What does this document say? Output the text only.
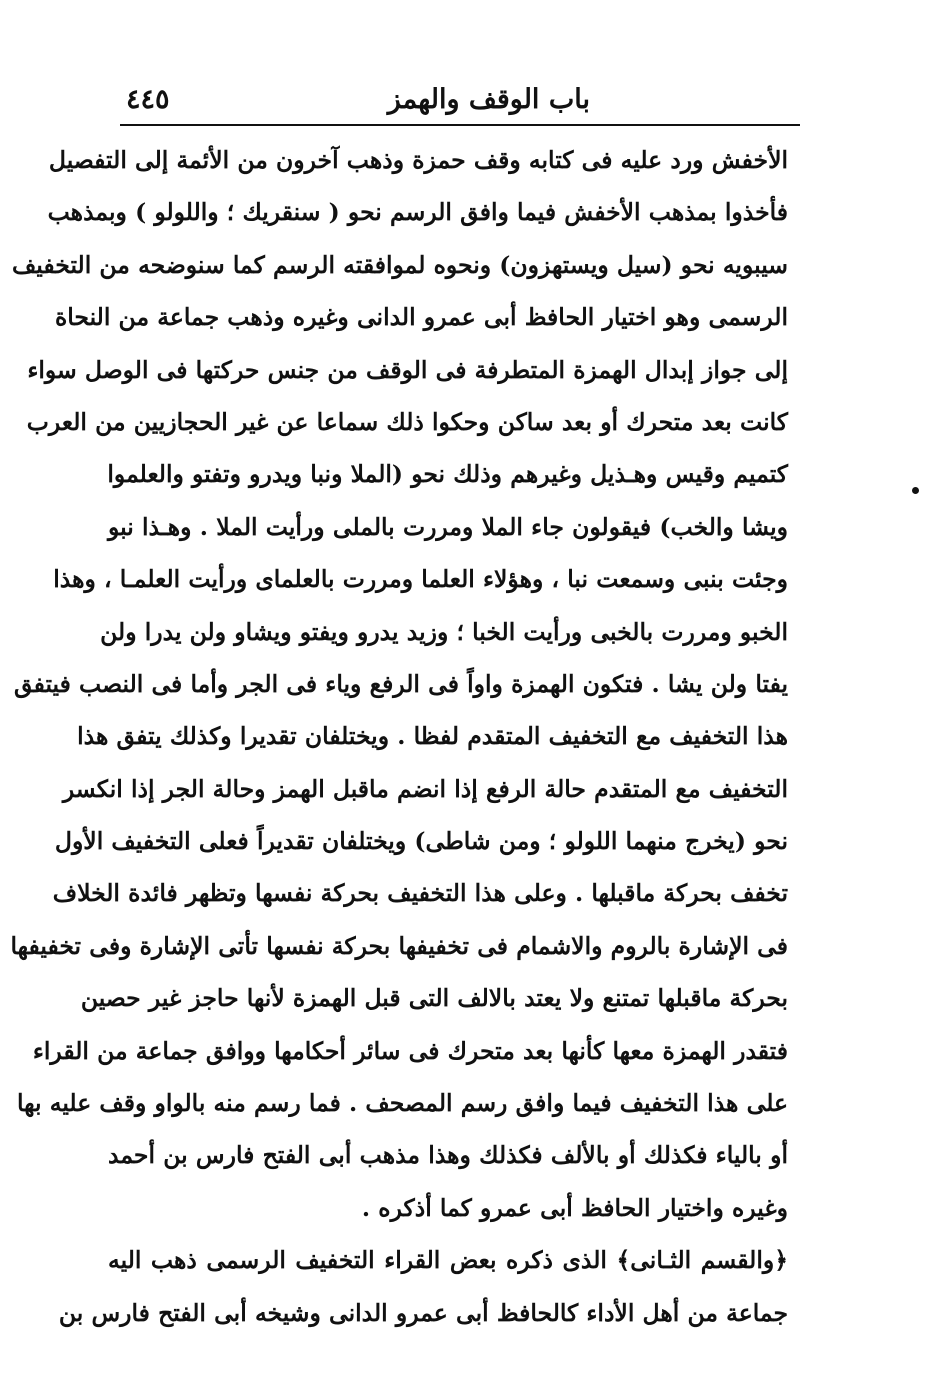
باب الوقف والهمز
٤٤٥
الأخفش ورد عليه فى كتابه وقف حمزة وذهب آخرون من الأئمة إلى التفصيل
فأخذوا بمذهب الأخفش فيما وافق الرسم نحو ( سنقريك ؛ واللولو ) وبمذهب
سيبويه نحو (سيل ويستهزون) ونحوه لموافقته الرسم كما سنوضحه من التخفيف
الرسمى وهو اختيار الحافظ أبى عمرو الدانى وغيره وذهب جماعة من النحاة
إلى جواز إبدال الهمزة المتطرفة فى الوقف من جنس حركتها فى الوصل سواء
كانت بعد متحرك أو بعد ساكن وحكوا ذلك سماعا عن غير الحجازيين من العرب
كتميم وقيس وهـذيل وغيرهم وذلك نحو (الملا ونبا ويدرو وتفتو والعلموا
ويشا والخب) فيقولون جاء الملا ومررت بالملى ورأيت الملا . وهـذا نبو
وجئت بنبى وسمعت نبا ، وهؤلاء العلما ومررت بالعلماى ورأيت العلمـا ، وهذا
الخبو ومررت بالخبى ورأيت الخبا ؛ وزيد يدرو ويفتو ويشاو ولن يدرا ولن
يفتا ولن يشا . فتكون الهمزة واواً فى الرفع وياء فى الجر وأما فى النصب فيتفق
هذا التخفيف مع التخفيف المتقدم لفظا . ويختلفان تقديرا وكذلك يتفق هذا
التخفيف مع المتقدم حالة الرفع إذا انضم ماقبل الهمز وحالة الجر إذا انكسر
نحو (يخرج منهما اللولو ؛ ومن شاطى) ويختلفان تقديراً فعلى التخفيف الأول
تخفف بحركة ماقبلها . وعلى هذا التخفيف بحركة نفسها وتظهر فائدة الخلاف
فى الإشارة بالروم والاشمام فى تخفيفها بحركة نفسها تأتى الإشارة وفى تخفيفها
بحركة ماقبلها تمتنع ولا يعتد بالالف التى قبل الهمزة لأنها حاجز غير حصين
فتقدر الهمزة معها كأنها بعد متحرك فى سائر أحكامها ووافق جماعة من القراء
على هذا التخفيف فيما وافق رسم المصحف . فما رسم منه بالواو وقف عليه بها
أو بالياء فكذلك أو بالألف فكذلك وهذا مذهب أبى الفتح فارس بن أحمد
وغيره واختيار الحافظ أبى عمرو كما أذكره .
﴿والقسم الثـانى﴾ الذى ذكره بعض القراء التخفيف الرسمى ذهب اليه
جماعة من أهل الأداء كالحافظ أبى عمرو الدانى وشيخه أبى الفتح فارس بن
